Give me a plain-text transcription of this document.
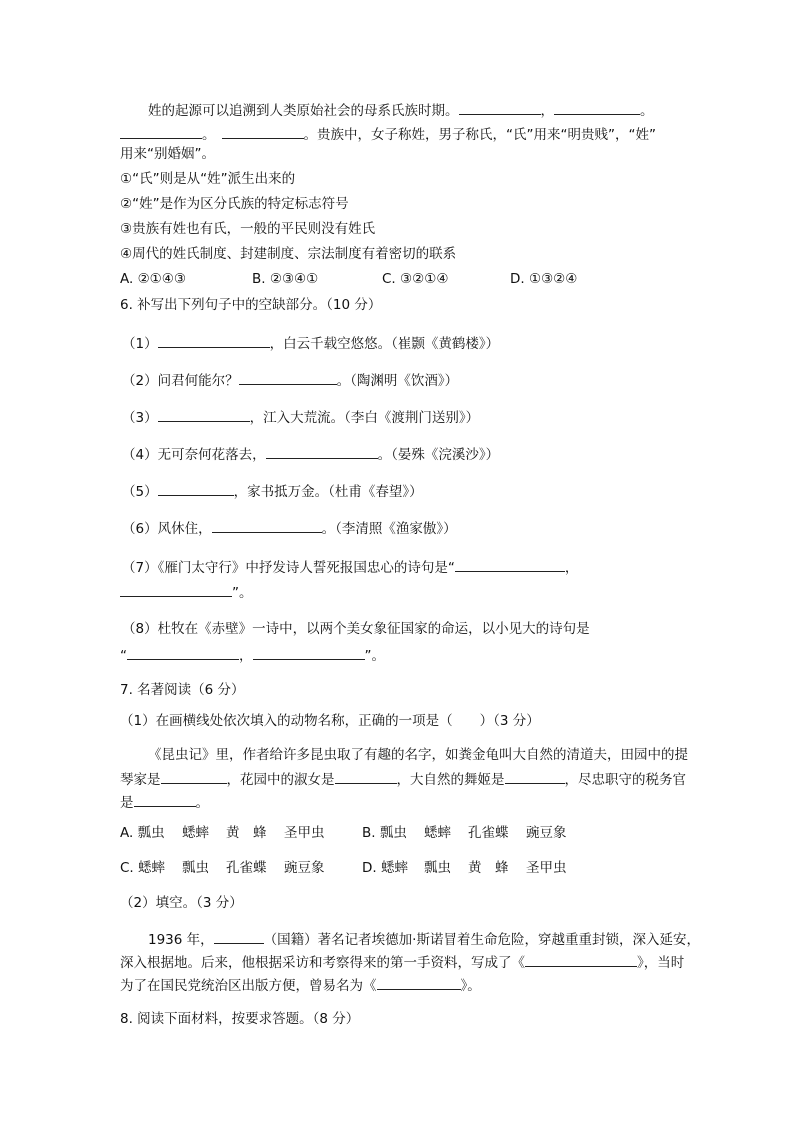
姓的起源可以追溯到人类原始社会的母系氏族时期。	，	。
。	。贵族中，女子称姓，男子称氏，“氏”用来“明贵贱”，“姓”
用来“别婚姻”。
①“氏”则是从“姓”派生出来的
②“姓”是作为区分氏族的特定标志符号
③贵族有姓也有氏，一般的平民则没有姓氏
④周代的姓氏制度、封建制度、宗法制度有着密切的联系
A. ②①④③	B. ②③④①	C. ③②①④	D. ①③②④
6. 补写出下列句子中的空缺部分。（10 分）
（1）	，白云千载空悠悠。（崔颢《黄鹤楼》）
（2）问君何能尔？	。（陶渊明《饮酒》）
（3）	，江入大荒流。（李白《渡荆门送别》）
（4）无可奈何花落去，	。（晏殊《浣溪沙》）
（5）	，家书抵万金。（杜甫《春望》）
（6）风休住，	。（李清照《渔家傲》）
（7）《雁门太守行》中抒发诗人誓死报国忠心的诗句是“	，
”。
（8）杜牧在《赤壁》一诗中，以两个美女象征国家的命运，以小见大的诗句是
“	，	”。
7. 名著阅读（6 分）
（1）在画横线处依次填入的动物名称，正确的一项是（　　）（3 分）
《昆虫记》里，作者给许多昆虫取了有趣的名字，如粪金龟叫大自然的清道夫，田园中的提
琴家是	，花园中的淑女是	，大自然的舞姬是	，尽忠职守的税务官
是	。
A. 瓢虫 蟋蟀 黄　蜂 圣甲虫	B. 瓢虫 蟋蟀 孔雀蝶 豌豆象
C. 蟋蟀 瓢虫 孔雀蝶 豌豆象	D. 蟋蟀 瓢虫 黄　蜂 圣甲虫
（2）填空。（3 分）
1936 年，	（国籍）著名记者埃德加·斯诺冒着生命危险，穿越重重封锁，深入延安，
深入根据地。后来，他根据采访和考察得来的第一手资料，写成了《	》，当时
为了在国民党统治区出版方便，曾易名为《	》。
8. 阅读下面材料，按要求答题。（8 分）
